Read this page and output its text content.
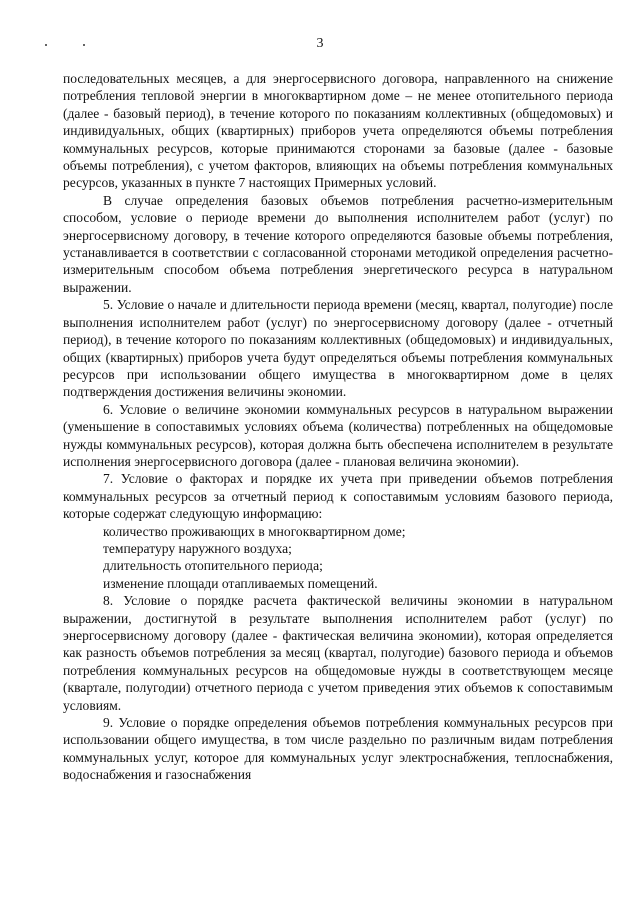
3

последовательных месяцев, а для энергосервисного договора, направленного на снижение потребления тепловой энергии в многоквартирном доме – не менее отопительного периода (далее - базовый период), в течение которого по показаниям коллективных (общедомовых) и индивидуальных, общих (квартирных) приборов учета определяются объемы потребления коммунальных ресурсов, которые принимаются сторонами за базовые (далее - базовые объемы потребления), с учетом факторов, влияющих на объемы потребления коммунальных ресурсов, указанных в пункте 7 настоящих Примерных условий.

В случае определения базовых объемов потребления расчетно-измерительным способом, условие о периоде времени до выполнения исполнителем работ (услуг) по энергосервисному договору, в течение которого определяются базовые объемы потребления, устанавливается в соответствии с согласованной сторонами методикой определения расчетно-измерительным способом объема потребления энергетического ресурса в натуральном выражении.

5. Условие о начале и длительности периода времени (месяц, квартал, полугодие) после выполнения исполнителем работ (услуг) по энергосервисному договору (далее - отчетный период), в течение которого по показаниям коллективных (общедомовых) и индивидуальных, общих (квартирных) приборов учета будут определяться объемы потребления коммунальных ресурсов при использовании общего имущества в многоквартирном доме в целях подтверждения достижения величины экономии.

6. Условие о величине экономии коммунальных ресурсов в натуральном выражении (уменьшение в сопоставимых условиях объема (количества) потребленных на общедомовые нужды коммунальных ресурсов), которая должна быть обеспечена исполнителем в результате исполнения энергосервисного договора (далее - плановая величина экономии).

7. Условие о факторах и порядке их учета при приведении объемов потребления коммунальных ресурсов за отчетный период к сопоставимым условиям базового периода, которые содержат следующую информацию:

количество проживающих в многоквартирном доме;

температуру наружного воздуха;

длительность отопительного периода;

изменение площади отапливаемых помещений.

8. Условие о порядке расчета фактической величины экономии в натуральном выражении, достигнутой в результате выполнения исполнителем работ (услуг) по энергосервисному договору (далее - фактическая величина экономии), которая определяется как разность объемов потребления за месяц (квартал, полугодие) базового периода и объемов потребления коммунальных ресурсов на общедомовые нужды в соответствующем месяце (квартале, полугодии) отчетного периода с учетом приведения этих объемов к сопоставимым условиям.

9. Условие о порядке определения объемов потребления коммунальных ресурсов при использовании общего имущества, в том числе раздельно по различным видам потребления коммунальных услуг, которое для коммунальных услуг электроснабжения, теплоснабжения, водоснабжения и газоснабжения
